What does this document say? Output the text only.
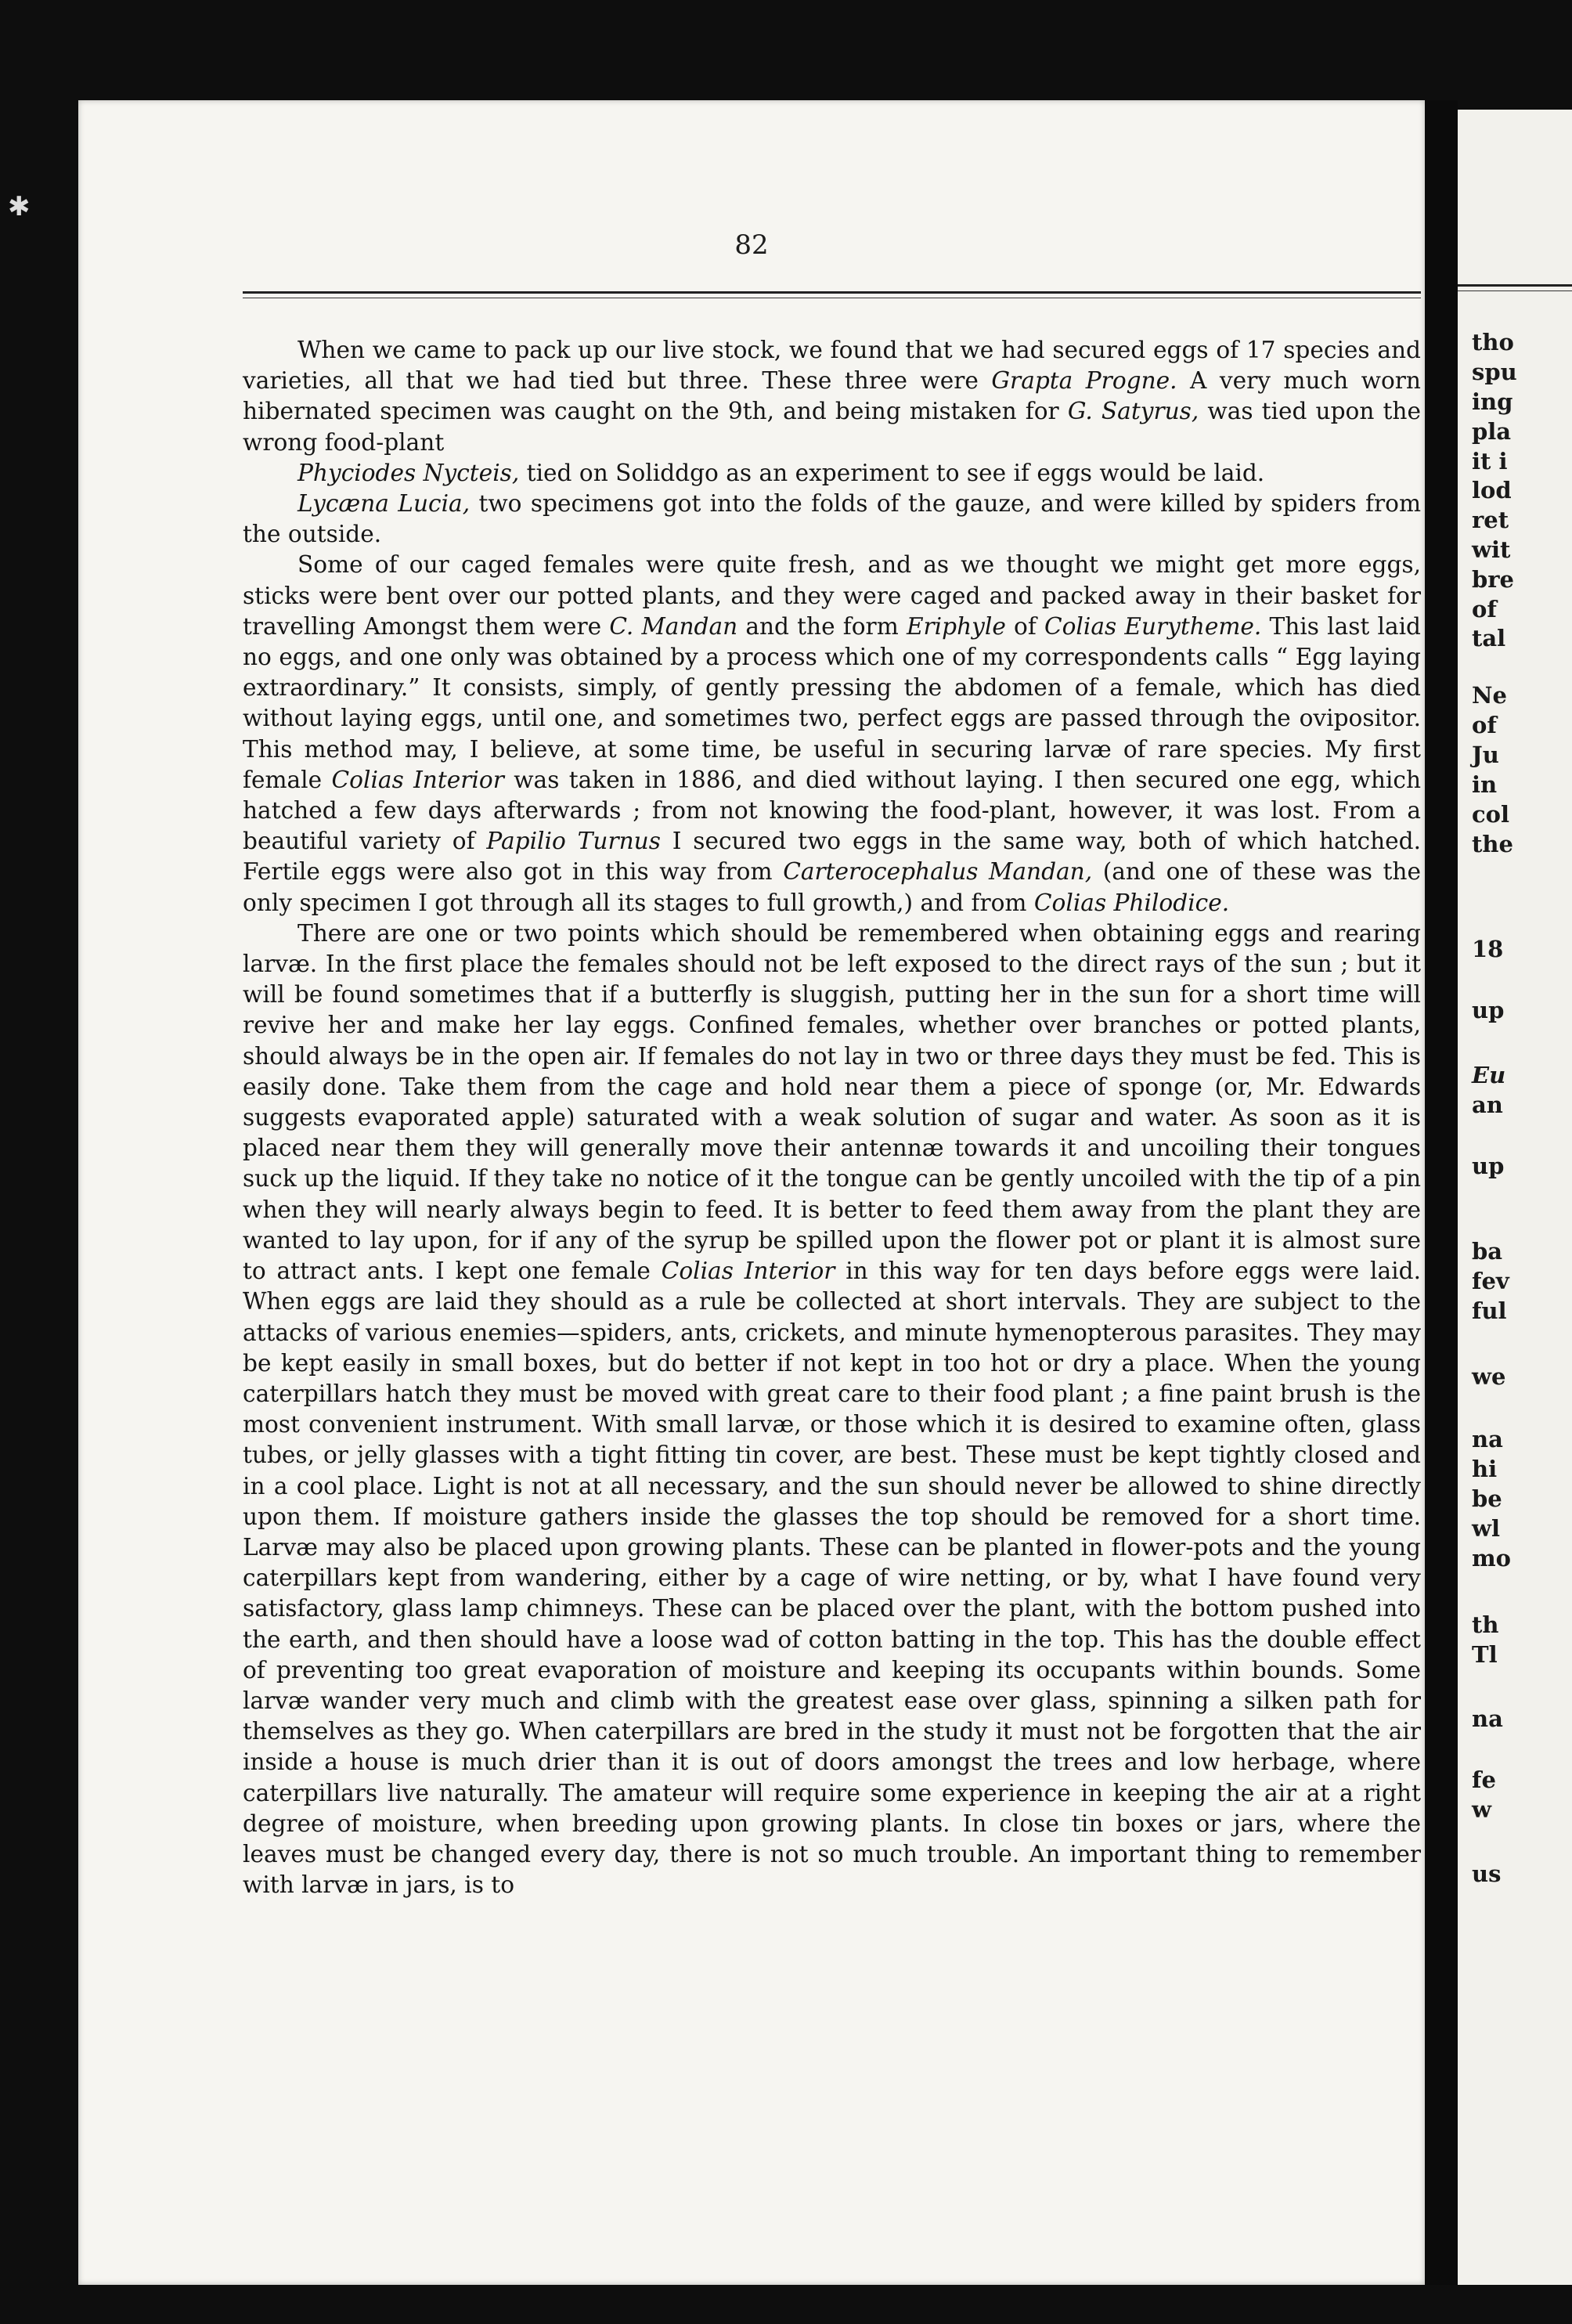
82

When we came to pack up our live stock, we found that we had secured eggs of 17 species and varieties, all that we had tied but three. These three were Grapta Progne. A very much worn hibernated specimen was caught on the 9th, and being mistaken for G. Satyrus, was tied upon the wrong food-plant

Phyciodes Nycteis, tied on Soliddgo as an experiment to see if eggs would be laid.

Lycæna Lucia, two specimens got into the folds of the gauze, and were killed by spiders from the outside.

Some of our caged females were quite fresh, and as we thought we might get more eggs, sticks were bent over our potted plants, and they were caged and packed away in their basket for travelling Amongst them were C. Mandan and the form Eriphyle of Colias Eurytheme. This last laid no eggs, and one only was obtained by a process which one of my correspondents calls “ Egg laying extraordinary.” It consists, simply, of gently pressing the abdomen of a female, which has died without laying eggs, until one, and sometimes two, perfect eggs are passed through the ovipositor. This method may, I believe, at some time, be useful in securing larvæ of rare species. My first female Colias Interior was taken in 1886, and died without laying. I then secured one egg, which hatched a few days afterwards ; from not knowing the food-plant, however, it was lost. From a beautiful variety of Papilio Turnus I secured two eggs in the same way, both of which hatched. Fertile eggs were also got in this way from Carterocephalus Mandan, (and one of these was the only specimen I got through all its stages to full growth,) and from Colias Philodice.

There are one or two points which should be remembered when obtaining eggs and rearing larvæ. In the first place the females should not be left exposed to the direct rays of the sun ; but it will be found sometimes that if a butterfly is sluggish, putting her in the sun for a short time will revive her and make her lay eggs. Confined females, whether over branches or potted plants, should always be in the open air. If females do not lay in two or three days they must be fed. This is easily done. Take them from the cage and hold near them a piece of sponge (or, Mr. Edwards suggests evaporated apple) saturated with a weak solution of sugar and water. As soon as it is placed near them they will generally move their antennæ towards it and uncoiling their tongues suck up the liquid. If they take no notice of it the tongue can be gently uncoiled with the tip of a pin when they will nearly always begin to feed. It is better to feed them away from the plant they are wanted to lay upon, for if any of the syrup be spilled upon the flower pot or plant it is almost sure to attract ants. I kept one female Colias Interior in this way for ten days before eggs were laid. When eggs are laid they should as a rule be collected at short intervals. They are subject to the attacks of various enemies—spiders, ants, crickets, and minute hymenopterous parasites. They may be kept easily in small boxes, but do better if not kept in too hot or dry a place. When the young caterpillars hatch they must be moved with great care to their food plant ; a fine paint brush is the most convenient instrument. With small larvæ, or those which it is desired to examine often, glass tubes, or jelly glasses with a tight fitting tin cover, are best. These must be kept tightly closed and in a cool place. Light is not at all necessary, and the sun should never be allowed to shine directly upon them. If moisture gathers inside the glasses the top should be removed for a short time. Larvæ may also be placed upon growing plants. These can be planted in flower-pots and the young caterpillars kept from wandering, either by a cage of wire netting, or by, what I have found very satisfactory, glass lamp chimneys. These can be placed over the plant, with the bottom pushed into the earth, and then should have a loose wad of cotton batting in the top. This has the double effect of preventing too great evaporation of moisture and keeping its occupants within bounds. Some larvæ wander very much and climb with the greatest ease over glass, spinning a silken path for themselves as they go. When caterpillars are bred in the study it must not be forgotten that the air inside a house is much drier than it is out of doors amongst the trees and low herbage, where caterpillars live naturally. The amateur will require some experience in keeping the air at a right degree of moisture, when breeding upon growing plants. In close tin boxes or jars, where the leaves must be changed every day, there is not so much trouble. An important thing to remember with larvæ in jars, is to

tho
spu
ing
pla
it i
lod
ret
wit
bre
of
tal
Ne
of
Ju
in
col
the
18
up
Eu
an
up
ba
fev
ful
we
na
hi
be
wl
mo
th
Tl
na
fe
w
us
✱
